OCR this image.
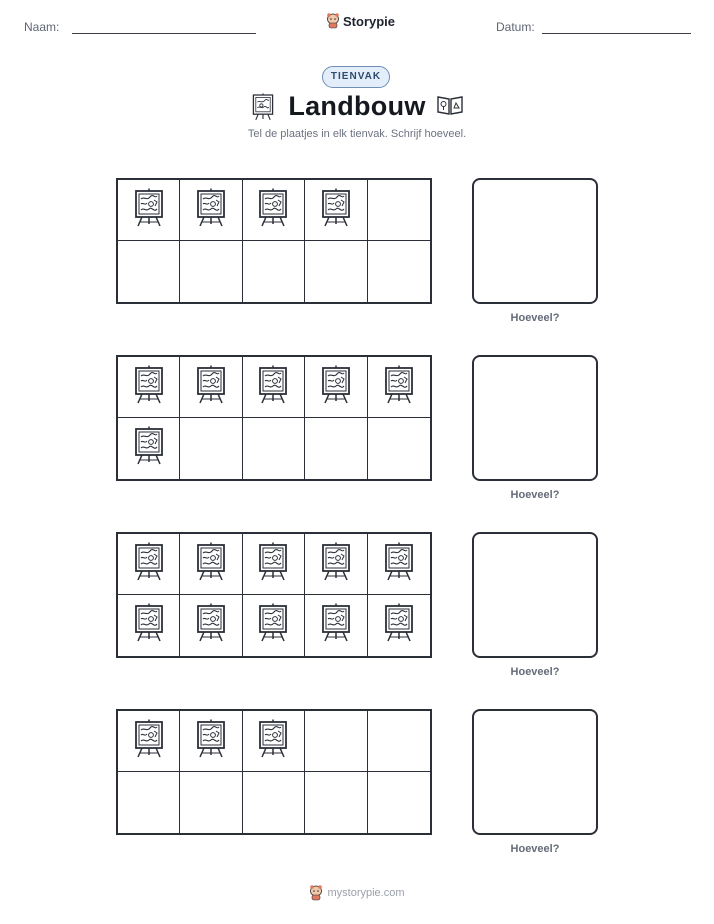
Naam:	Storypie	Datum:
TIENVAK
Landbouw
Tel de plaatjes in elk tienvak. Schrijf hoeveel.
Hoeveel?
Hoeveel?
Hoeveel?
Hoeveel?
mystorypie.com
